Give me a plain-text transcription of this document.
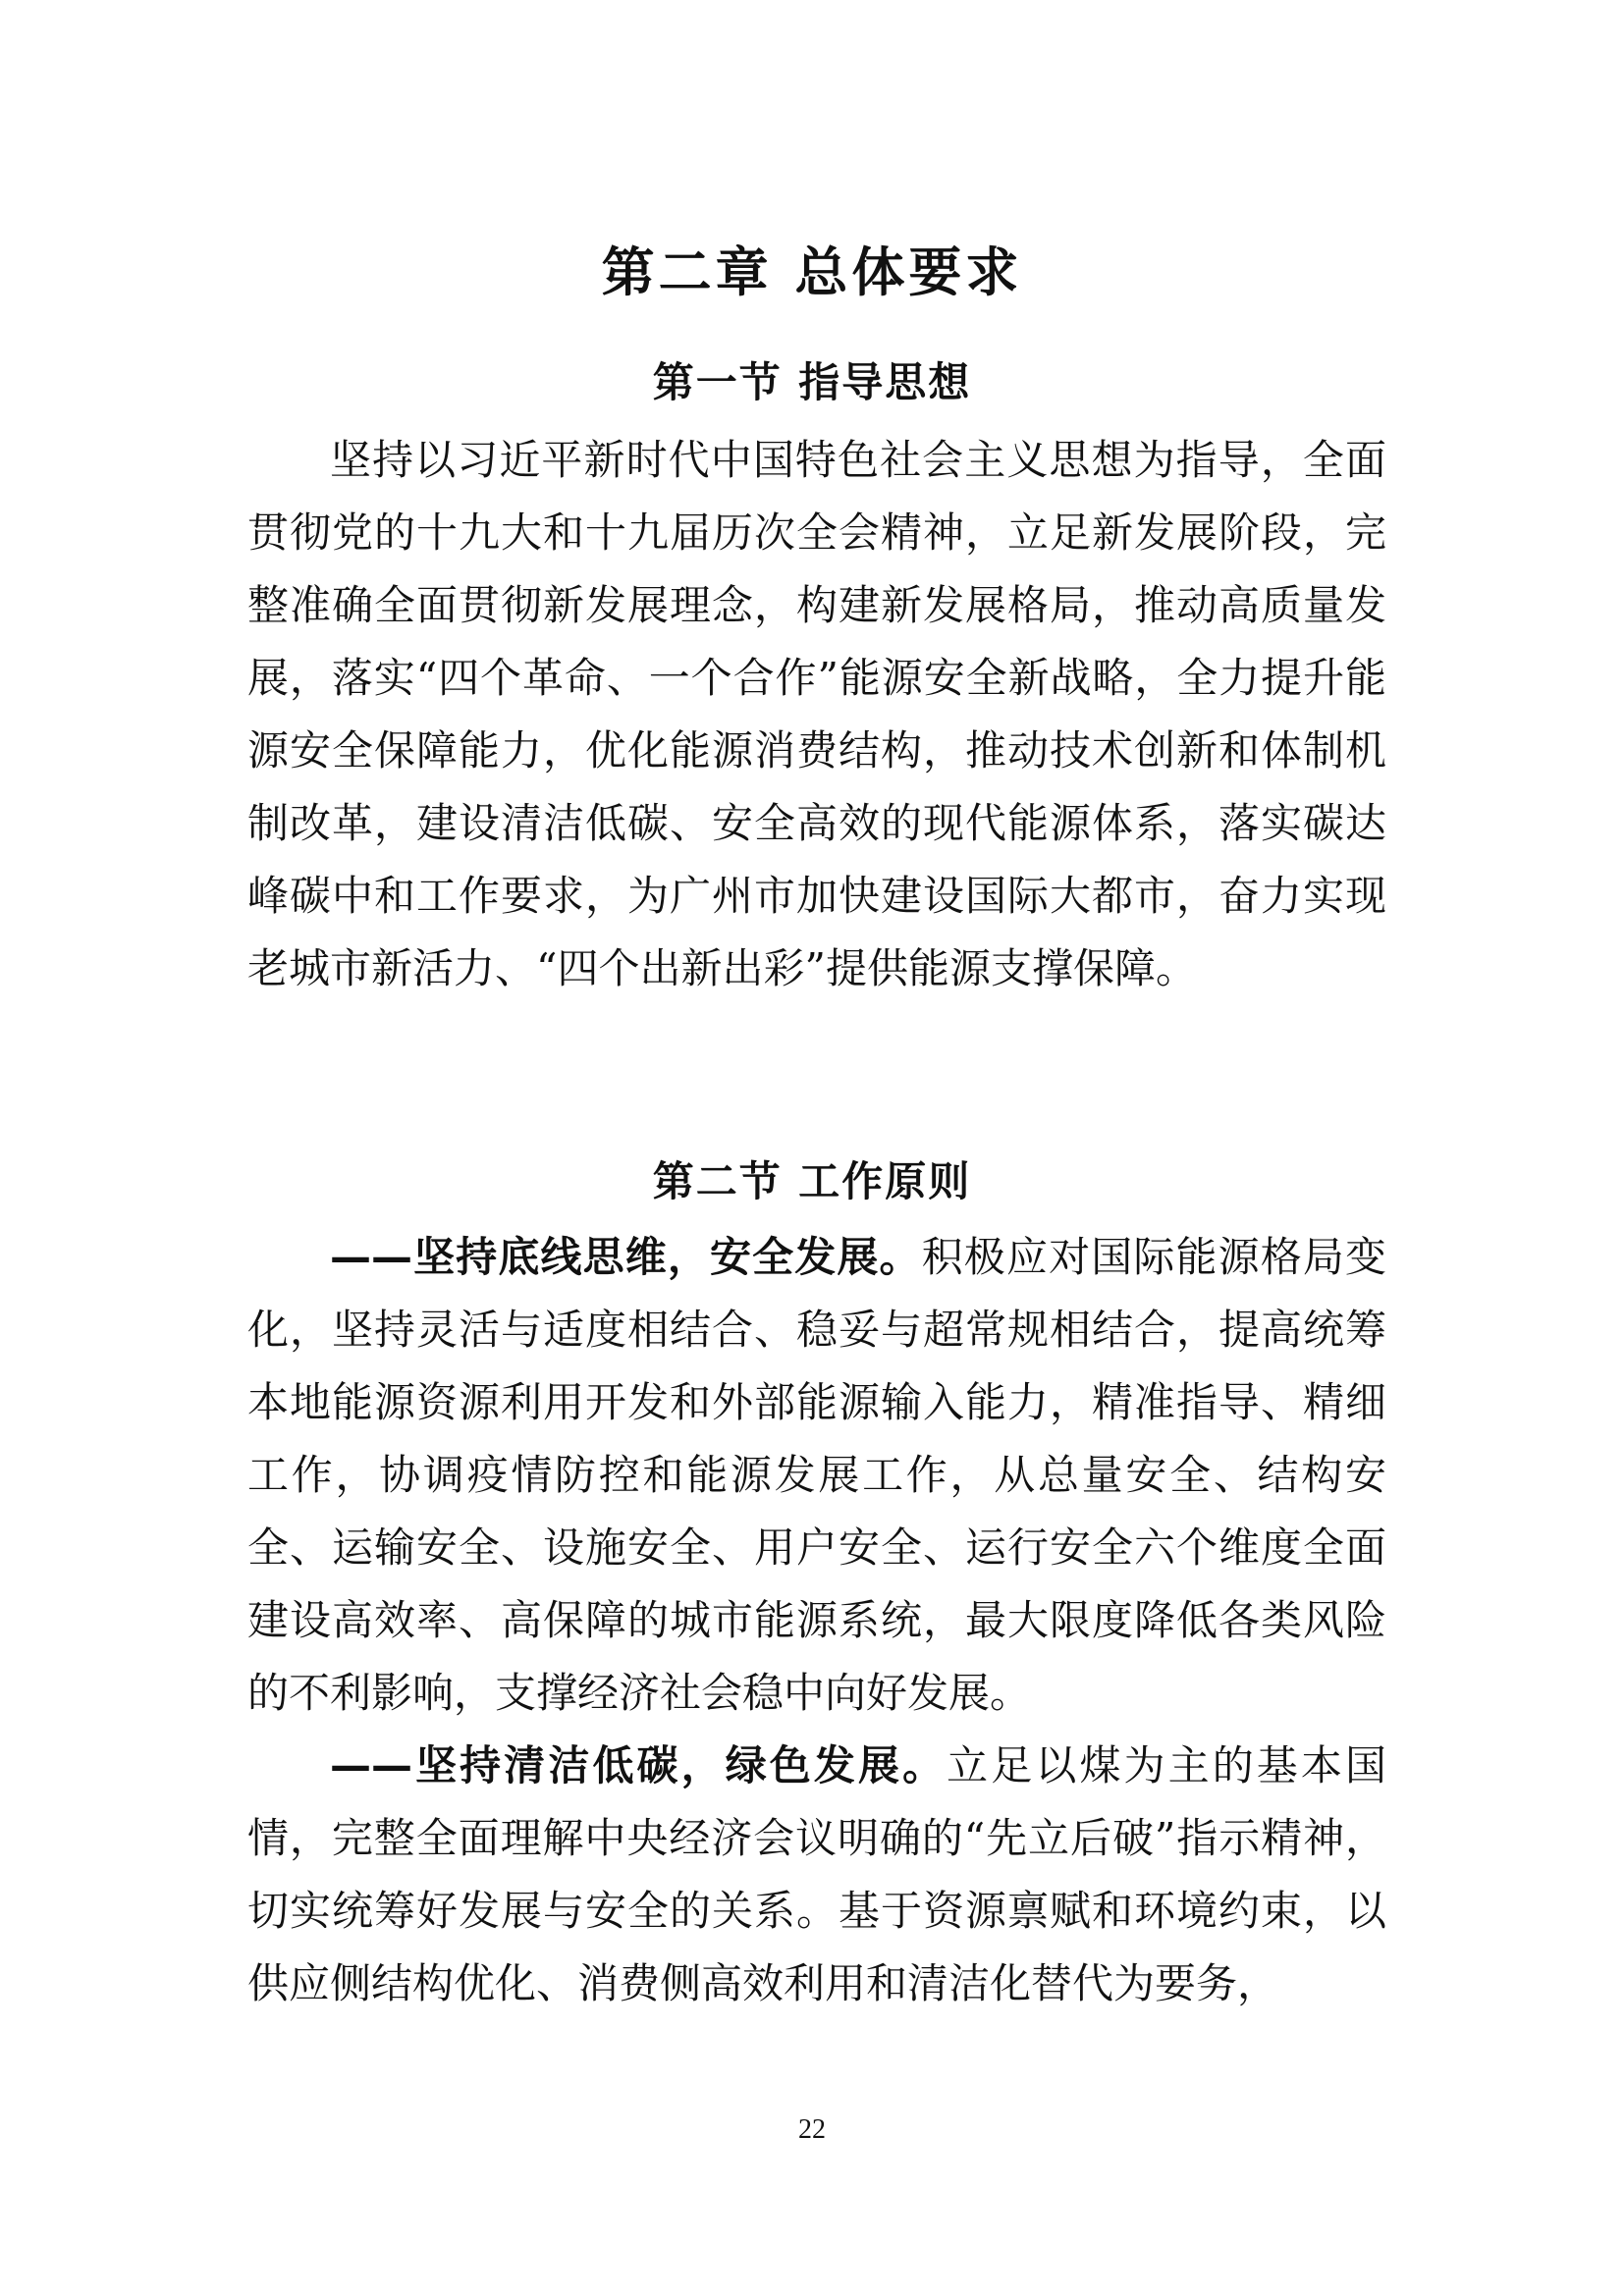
第二章 总体要求
第一节 指导思想

坚持以习近平新时代中国特色社会主义思想为指导，全面贯彻党的十九大和十九届历次全会精神，立足新发展阶段，完整准确全面贯彻新发展理念，构建新发展格局，推动高质量发展，落实“四个革命、一个合作”能源安全新战略，全力提升能源安全保障能力，优化能源消费结构，推动技术创新和体制机制改革，建设清洁低碳、安全高效的现代能源体系，落实碳达峰碳中和工作要求，为广州市加快建设国际大都市，奋力实现老城市新活力、“四个出新出彩”提供能源支撑保障。

第二节 工作原则

——坚持底线思维，安全发展。积极应对国际能源格局变化，坚持灵活与适度相结合、稳妥与超常规相结合，提高统筹本地能源资源利用开发和外部能源输入能力，精准指导、精细工作，协调疫情防控和能源发展工作，从总量安全、结构安全、运输安全、设施安全、用户安全、运行安全六个维度全面建设高效率、高保障的城市能源系统，最大限度降低各类风险的不利影响，支撑经济社会稳中向好发展。

——坚持清洁低碳，绿色发展。立足以煤为主的基本国情，完整全面理解中央经济会议明确的“先立后破”指示精神，切实统筹好发展与安全的关系。基于资源禀赋和环境约束，以供应侧结构优化、消费侧高效利用和清洁化替代为要务，

22
